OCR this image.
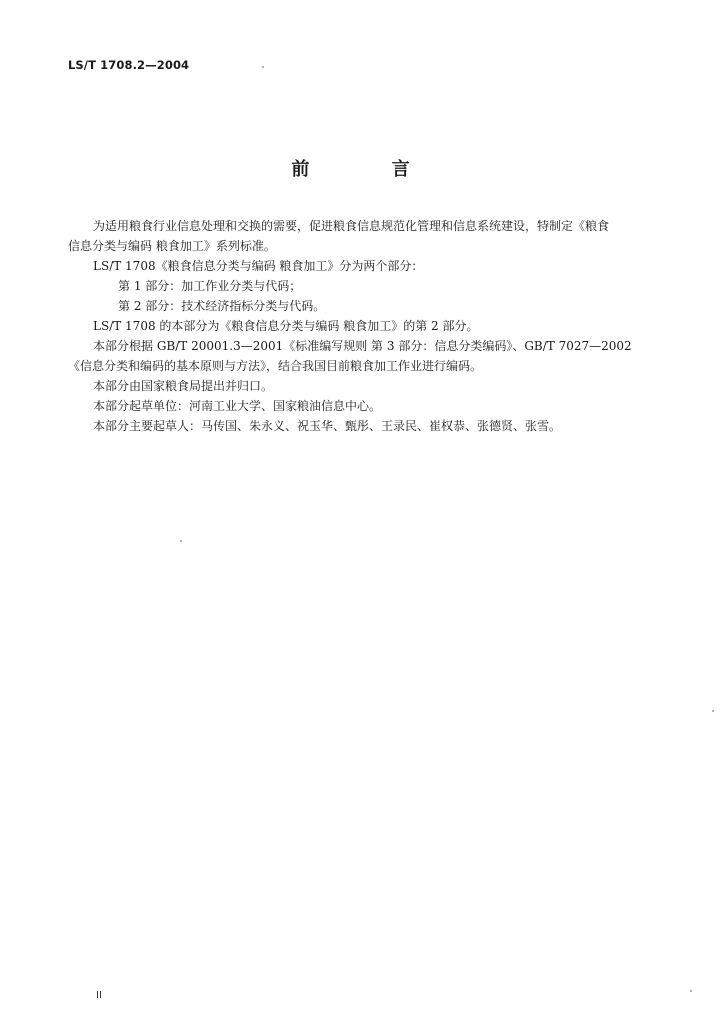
LS/T 1708.2—2004
前 言
为适用粮食行业信息处理和交换的需要，促进粮食信息规范化管理和信息系统建设，特制定《粮食
信息分类与编码 粮食加工》系列标准。
LS/T 1708《粮食信息分类与编码 粮食加工》分为两个部分：
第 1 部分：加工作业分类与代码；
第 2 部分：技术经济指标分类与代码。
LS/T 1708 的本部分为《粮食信息分类与编码 粮食加工》的第 2 部分。
本部分根据 GB/T 20001.3—2001《标准编写规则 第 3 部分：信息分类编码》、GB/T 7027—2002
《信息分类和编码的基本原则与方法》，结合我国目前粮食加工作业进行编码。
本部分由国家粮食局提出并归口。
本部分起草单位：河南工业大学、国家粮油信息中心。
本部分主要起草人：马传国、朱永义、祝玉华、甄彤、王录民、崔权恭、张德贤、张雪。
II
